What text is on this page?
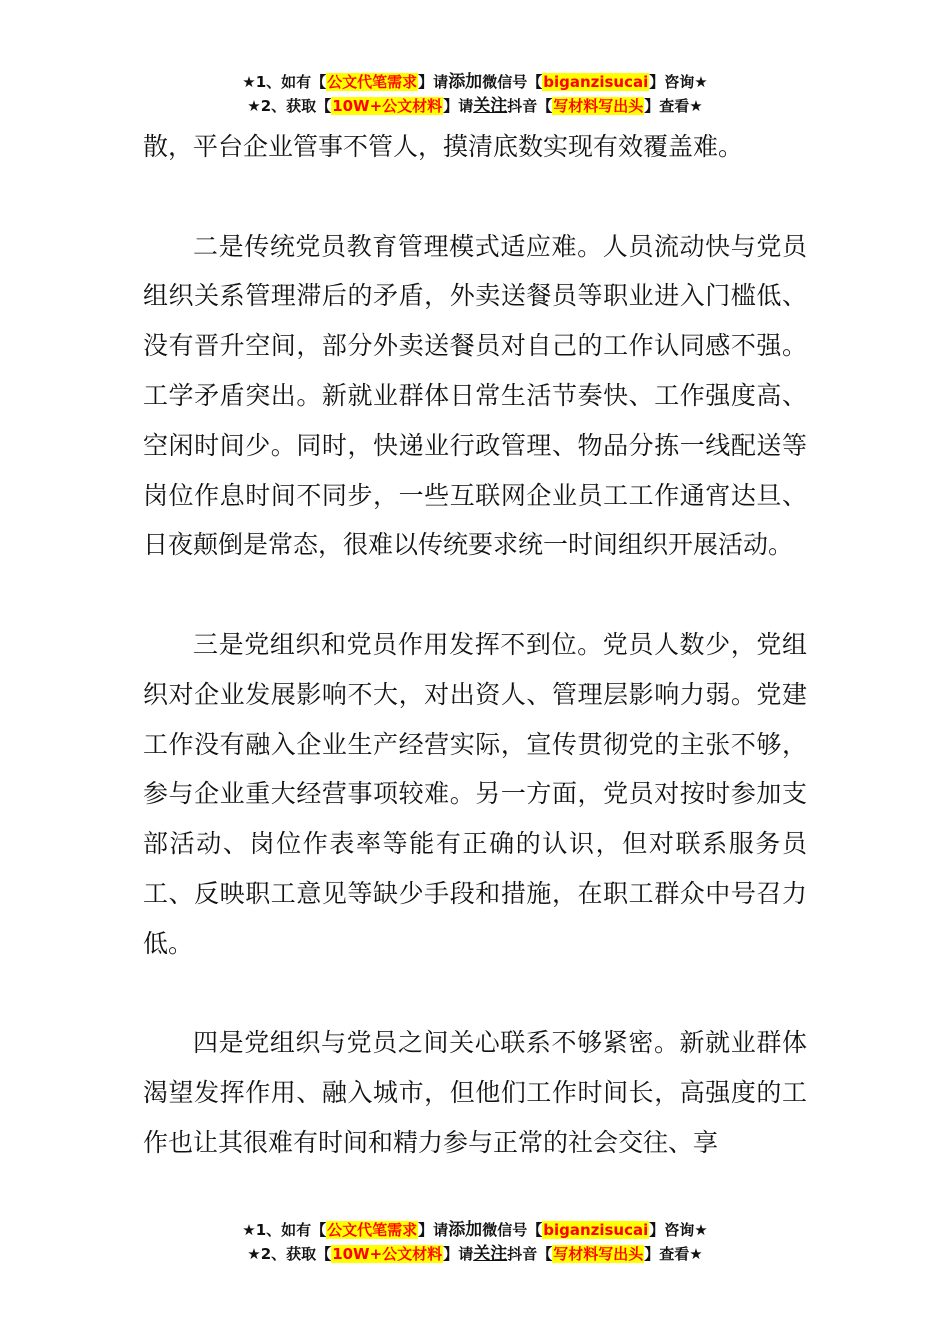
★1、如有【公文代笔需求】请添加微信号【biganzisucai】咨询★
★2、获取【10W+公文材料】请关注抖音【写材料写出头】查看★

散，平台企业管事不管人，摸清底数实现有效覆盖难。

二是传统党员教育管理模式适应难。人员流动快与党员组织关系管理滞后的矛盾，外卖送餐员等职业进入门槛低、没有晋升空间，部分外卖送餐员对自己的工作认同感不强。工学矛盾突出。新就业群体日常生活节奏快、工作强度高、空闲时间少。同时，快递业行政管理、物品分拣一线配送等岗位作息时间不同步，一些互联网企业员工工作通宵达旦、日夜颠倒是常态，很难以传统要求统一时间组织开展活动。

三是党组织和党员作用发挥不到位。党员人数少，党组织对企业发展影响不大，对出资人、管理层影响力弱。党建工作没有融入企业生产经营实际，宣传贯彻党的主张不够，参与企业重大经营事项较难。另一方面，党员对按时参加支部活动、岗位作表率等能有正确的认识，但对联系服务员工、反映职工意见等缺少手段和措施，在职工群众中号召力低。

四是党组织与党员之间关心联系不够紧密。新就业群体渴望发挥作用、融入城市，但他们工作时间长，高强度的工作也让其很难有时间和精力参与正常的社会交往、享

★1、如有【公文代笔需求】请添加微信号【biganzisucai】咨询★
★2、获取【10W+公文材料】请关注抖音【写材料写出头】查看★
